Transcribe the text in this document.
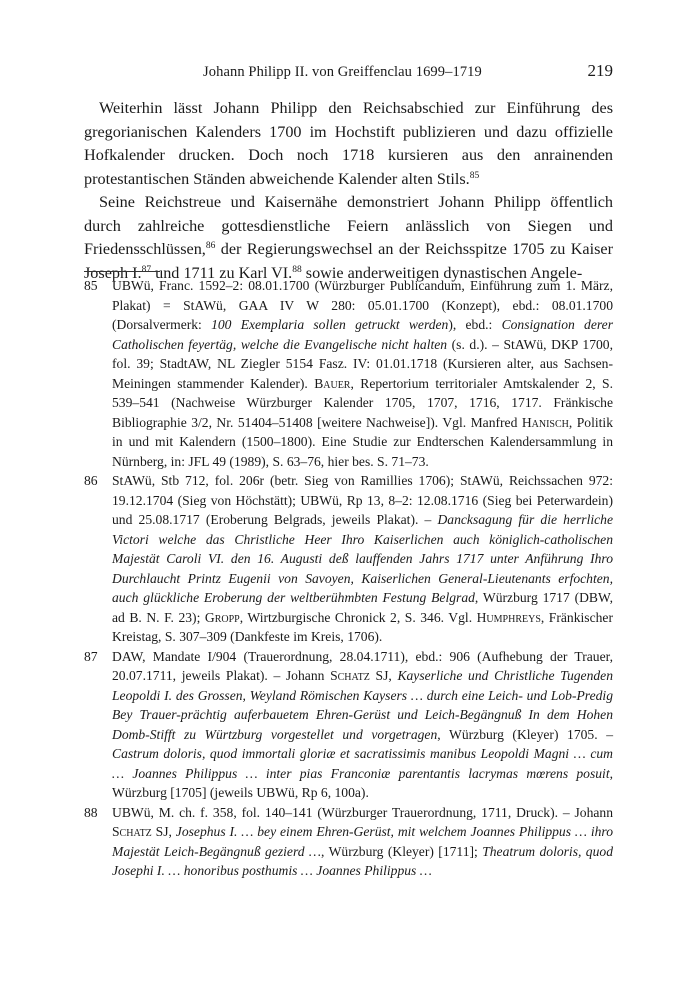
Johann Philipp II. von Greiffenclau 1699–1719	219

Weiterhin lässt Johann Philipp den Reichsabschied zur Einführung des gregorianischen Kalenders 1700 im Hochstift publizieren und dazu offizielle Hofkalender drucken. Doch noch 1718 kursieren aus den anrainenden protestantischen Ständen abweichende Kalender alten Stils.$^{85}$

Seine Reichstreue und Kaisernähe demonstriert Johann Philipp öffentlich durch zahlreiche gottesdienstliche Feiern anlässlich von Siegen und Friedensschlüssen,$^{86}$ der Regierungswechsel an der Reichsspitze 1705 zu Kaiser Joseph I.$^{87}$ und 1711 zu Karl VI.$^{88}$ sowie anderweitigen dynastischen Angele-

85	UBWü, Franc. 1592–2: 08.01.1700 (Würzburger Publicandum, Einführung zum 1. März, Plakat) = StAWü, GAA IV W 280: 05.01.1700 (Konzept), ebd.: 08.01.1700 (Dorsalvermerk: 100 Exemplaria sollen getruckt werden), ebd.: Consignation derer Catholischen feyertäg, welche die Evangelische nicht halten (s. d.). – StAWü, DKP 1700, fol. 39; StadtAW, NL Ziegler 5154 Fasz. IV: 01.01.1718 (Kursieren alter, aus Sachsen-Meiningen stammender Kalender). Bauer, Repertorium territorialer Amtskalender 2, S. 539–541 (Nachweise Würzburger Kalender 1705, 1707, 1716, 1717. Fränkische Bibliographie 3/2, Nr. 51404–51408 [weitere Nachweise]). Vgl. Manfred Hanisch, Politik in und mit Kalendern (1500–1800). Eine Studie zur Endterschen Kalendersammlung in Nürnberg, in: JFL 49 (1989), S. 63–76, hier bes. S. 71–73.
86	StAWü, Stb 712, fol. 206r (betr. Sieg von Ramillies 1706); StAWü, Reichssachen 972: 19.12.1704 (Sieg von Höchstätt); UBWü, Rp 13, 8–2: 12.08.1716 (Sieg bei Peterwardein) und 25.08.1717 (Eroberung Belgrads, jeweils Plakat). – Dancksagung für die herrliche Victori welche das Christliche Heer Ihro Kaiserlichen auch königlich-catholischen Majestät Caroli VI. den 16. Augusti deß lauffenden Jahrs 1717 unter Anführung Ihro Durchlaucht Printz Eugenii von Savoyen, Kaiserlichen General-Lieutenants erfochten, auch glückliche Eroberung der weltberühmbten Festung Belgrad, Würzburg 1717 (DBW, ad B. N. F. 23); Gropp, Wirtzburgische Chronick 2, S. 346. Vgl. Humphreys, Fränkischer Kreistag, S. 307–309 (Dankfeste im Kreis, 1706).
87	DAW, Mandate I/904 (Trauerordnung, 28.04.1711), ebd.: 906 (Aufhebung der Trauer, 20.07.1711, jeweils Plakat). – Johann Schatz SJ, Kayserliche und Christliche Tugenden Leopoldi I. des Grossen, Weyland Römischen Kaysers … durch eine Leich- und Lob-Predig Bey Trauer-prächtig auferbauetem Ehren-Gerüst und Leich-Begängnuß In dem Hohen Domb-Stifft zu Würtzburg vorgestellet und vorgetragen, Würzburg (Kleyer) 1705. – Castrum doloris, quod immortali gloriæ et sacratissimis manibus Leopoldi Magni … cum … Joannes Philippus … inter pias Franconiæ parentantis lacrymas mœrens posuit, Würzburg [1705] (jeweils UBWü, Rp 6, 100a).
88	UBWü, M. ch. f. 358, fol. 140–141 (Würzburger Trauerordnung, 1711, Druck). – Johann Schatz SJ, Josephus I. … bey einem Ehren-Gerüst, mit welchem Joannes Philippus … ihro Majestät Leich-Begängnuß gezierd …, Würzburg (Kleyer) [1711]; Theatrum doloris, quod Josephi I. … honoribus posthumis … Joannes Philippus …
